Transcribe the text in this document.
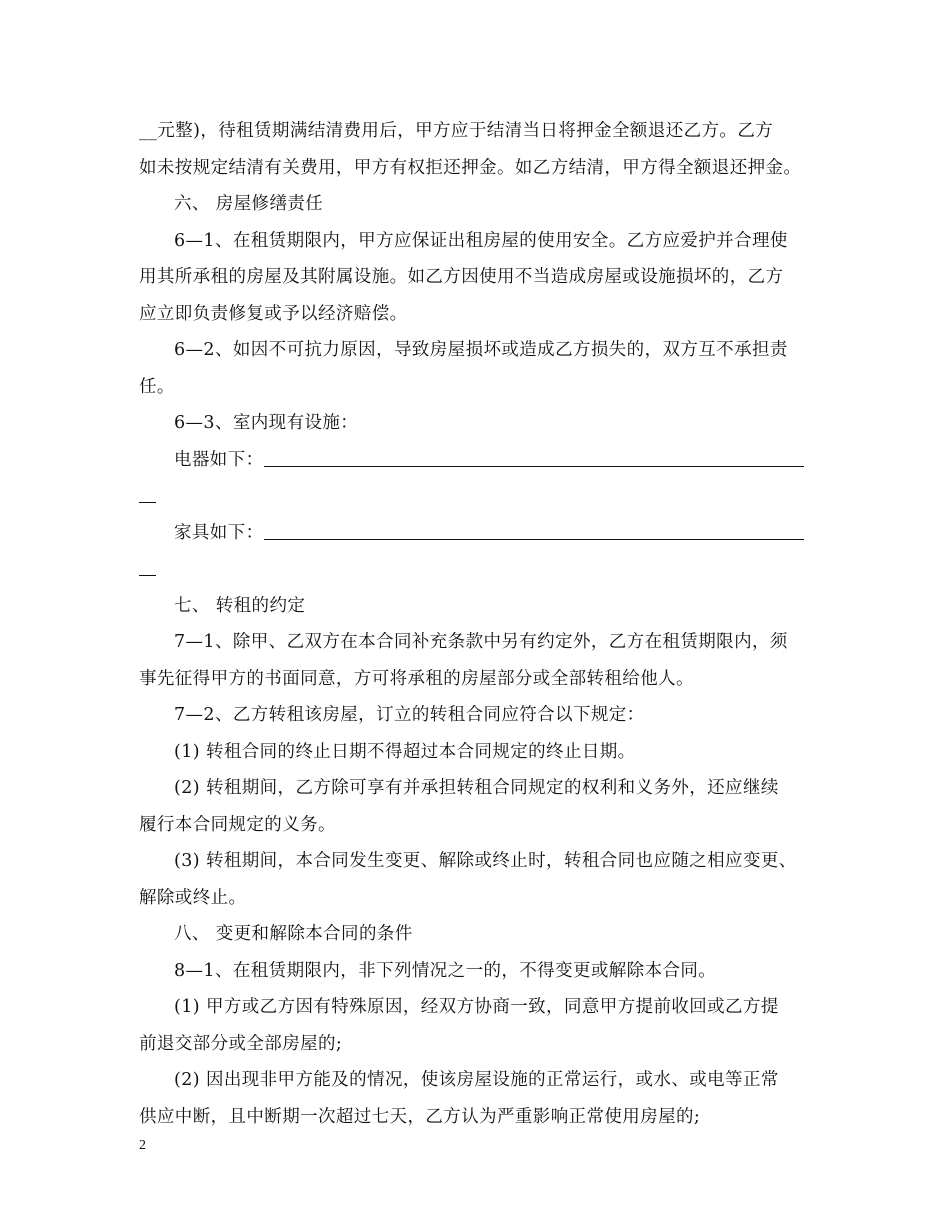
__元整)，待租赁期满结清费用后，甲方应于结清当日将押金全额退还乙方。乙方
如未按规定结清有关费用，甲方有权拒还押金。如乙方结清，甲方得全额退还押金。
六、 房屋修缮责任
6—1、在租赁期限内，甲方应保证出租房屋的使用安全。乙方应爱护并合理使
用其所承租的房屋及其附属设施。如乙方因使用不当造成房屋或设施损坏的，乙方
应立即负责修复或予以经济赔偿。
6—2、如因不可抗力原因，导致房屋损坏或造成乙方损失的，双方互不承担责
任。
6—3、室内现有设施：
电器如下：
家具如下：
七、 转租的约定
7—1、除甲、乙双方在本合同补充条款中另有约定外，乙方在租赁期限内，须
事先征得甲方的书面同意，方可将承租的房屋部分或全部转租给他人。
7—2、乙方转租该房屋，订立的转租合同应符合以下规定：
(1) 转租合同的终止日期不得超过本合同规定的终止日期。
(2) 转租期间，乙方除可享有并承担转租合同规定的权利和义务外，还应继续
履行本合同规定的义务。
(3) 转租期间，本合同发生变更、解除或终止时，转租合同也应随之相应变更、
解除或终止。
八、 变更和解除本合同的条件
8—1、在租赁期限内，非下列情况之一的，不得变更或解除本合同。
(1) 甲方或乙方因有特殊原因，经双方协商一致，同意甲方提前收回或乙方提
前退交部分或全部房屋的;
(2) 因出现非甲方能及的情况，使该房屋设施的正常运行，或水、或电等正常
供应中断，且中断期一次超过七天，乙方认为严重影响正常使用房屋的;
2
